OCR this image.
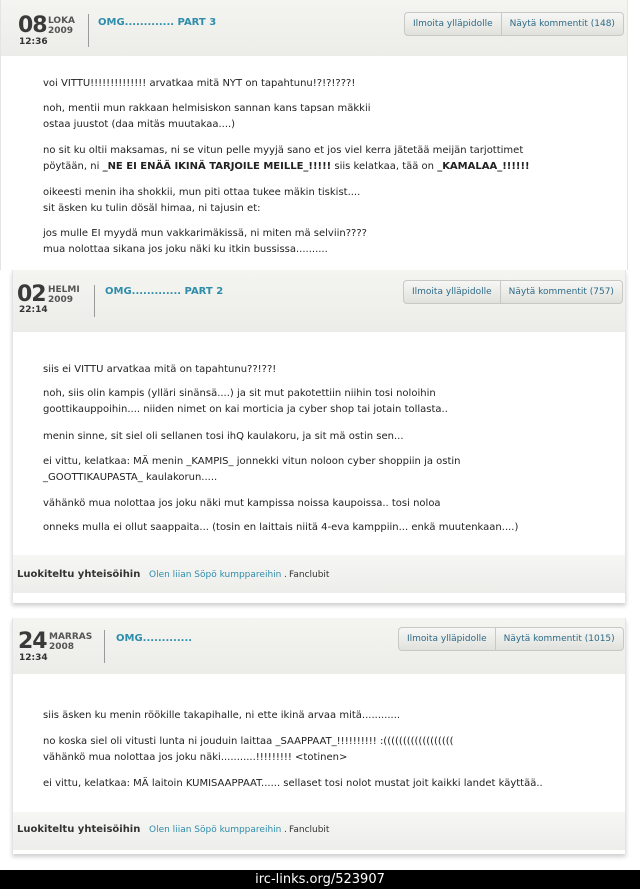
08 LOKA
2009
12:36
OMG............. PART 3	Ilmoita ylläpidolle	Näytä kommentit (148)
voi VITTU!!!!!!!!!!!!!! arvatkaa mitä NYT on tapahtunu!?!?!???!
noh, mentii mun rakkaan helmisiskon sannan kans tapsan mäkkii
ostaa juustot (daa mitäs muutakaa....)
no sit ku oltii maksamas, ni se vitun pelle myyjä sano et jos viel kerra jätetää meijän tarjottimet
pöytään, ni _NE EI ENÄÄ IKINÄ TARJOILE MEILLE_!!!!! siis kelatkaa, tää on _KAMALAA_!!!!!!
oikeesti menin iha shokkii, mun piti ottaa tukee mäkin tiskist....
sit äsken ku tulin dösäl himaa, ni tajusin et:
jos mulle EI myydä mun vakkarimäkissä, ni miten mä selviin????
mua nolottaa sikana jos joku näki ku itkin bussissa..........
02 HELMI
2009
22:14
OMG............. PART 2	Ilmoita ylläpidolle	Näytä kommentit (757)
siis ei VITTU arvatkaa mitä on tapahtunu??!??!
noh, siis olin kampis (ylläri sinänsä....) ja sit mut pakotettiin niihin tosi noloihin
goottikauppoihin.... niiden nimet on kai morticia ja cyber shop tai jotain tollasta..
menin sinne, sit siel oli sellanen tosi ihQ kaulakoru, ja sit mä ostin sen...
ei vittu, kelatkaa: MÄ menin _KAMPIS_ jonnekki vitun noloon cyber shoppiin ja ostin
_GOOTTIKAUPASTA_ kaulakorun.....
vähänkö mua nolottaa jos joku näki mut kampissa noissa kaupoissa.. tosi noloa
onneks mulla ei ollut saappaita... (tosin en laittais niitä 4-eva kamppiin... enkä muutenkaan....)
Luokiteltu yhteisöihin Olen liian Söpö kumppareihin . Fanclubit
24 MARRAS
2008
12:34
OMG.............	Ilmoita ylläpidolle	Näytä kommentit (1015)
siis äsken ku menin röökille takapihalle, ni ette ikinä arvaa mitä............
no koska siel oli vitusti lunta ni jouduin laittaa _SAAPPAAT_!!!!!!!!!! :((((((((((((((((((
vähänkö mua nolottaa jos joku näki...........!!!!!!!!! <totinen>
ei vittu, kelatkaa: MÄ laitoin KUMISAAPPAAT...... sellaset tosi nolot mustat joit kaikki landet käyttää..
Luokiteltu yhteisöihin Olen liian Söpö kumppareihin . Fanclubit
irc-links.org/523907
